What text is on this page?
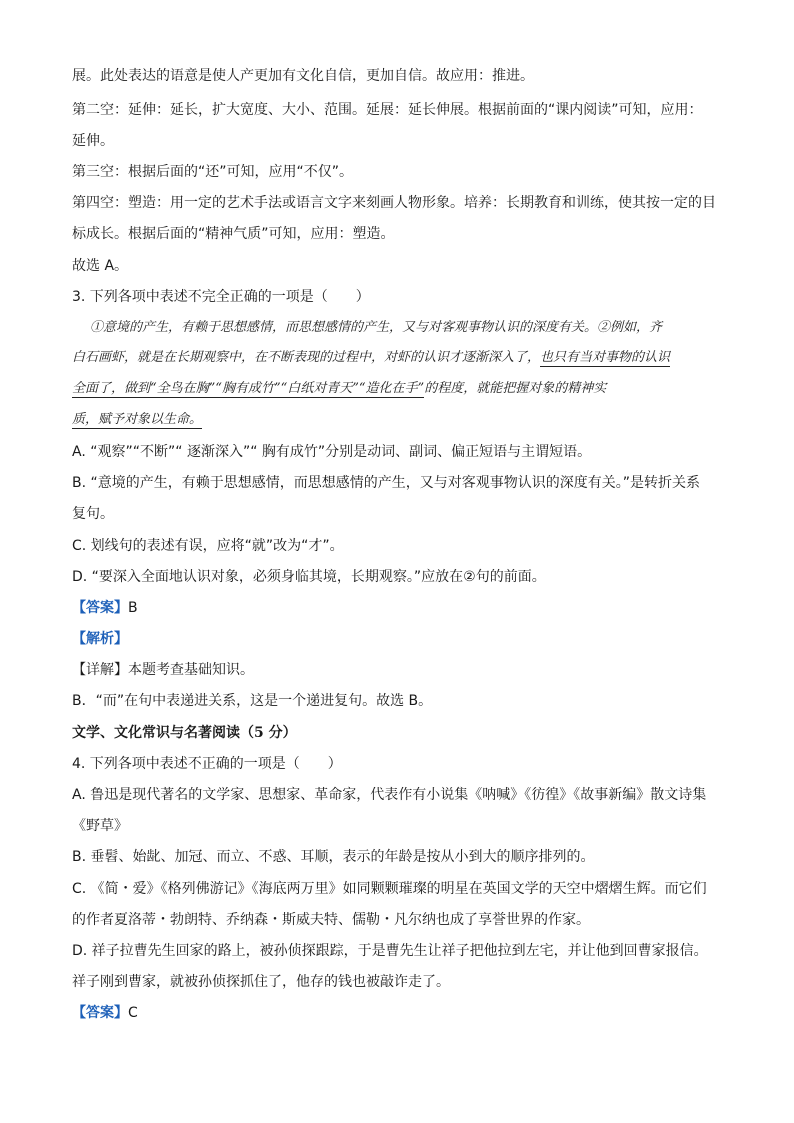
展。此处表达的语意是使人产更加有文化自信，更加自信。故应用：推进。
第二空：延伸：延长，扩大宽度、大小、范围。延展：延长伸展。根据前面的“课内阅读”可知，应用：
延伸。
第三空：根据后面的“还”可知，应用“不仅”。
第四空：塑造：用一定的艺术手法或语言文字来刻画人物形象。培养：长期教育和训练，使其按一定的目
标成长。根据后面的“精神气质”可知，应用：塑造。
故选 A。
3. 下列各项中表述不完全正确的一项是（　　）
①意境的产生，有赖于思想感情，而思想感情的产生，又与对客观事物认识的深度有关。②例如，齐
白石画虾，就是在长期观察中，在不断表现的过程中，对虾的认识才逐渐深入了，也只有当对事物的认识
全面了，做到“全鸟在胸”“胸有成竹”“白纸对青天”“造化在手”的程度，就能把握对象的精神实
质，赋予对象以生命。
A. “观察”“不断”“ 逐渐深入”“ 胸有成竹”分别是动词、副词、偏正短语与主谓短语。
B. “意境的产生，有赖于思想感情，而思想感情的产生，又与对客观事物认识的深度有关。”是转折关系
复句。
C. 划线句的表述有误，应将“就”改为“才”。
D. “要深入全面地认识对象，必须身临其境，长期观察。”应放在②句的前面。
【答案】B
【解析】
【详解】本题考查基础知识。
B．“而”在句中表递进关系，这是一个递进复句。故选 B。
文学、文化常识与名著阅读（5 分）
4. 下列各项中表述不正确的一项是（　　）
A. 鲁迅是现代著名的文学家、思想家、革命家，代表作有小说集《呐喊》《彷徨》《故事新编》散文诗集
《野草》
B. 垂髫、始龀、加冠、而立、不惑、耳顺，表示的年龄是按从小到大的顺序排列的。
C. 《简・爱》《格列佛游记》《海底两万里》如同颗颗璀璨的明星在英国文学的天空中熠熠生辉。而它们
的作者夏洛蒂・勃朗特、乔纳森・斯威夫特、儒勒・凡尔纳也成了享誉世界的作家。
D. 祥子拉曹先生回家的路上，被孙侦探跟踪，于是曹先生让祥子把他拉到左宅，并让他到回曹家报信。
祥子刚到曹家，就被孙侦探抓住了，他存的钱也被敲诈走了。
【答案】C
